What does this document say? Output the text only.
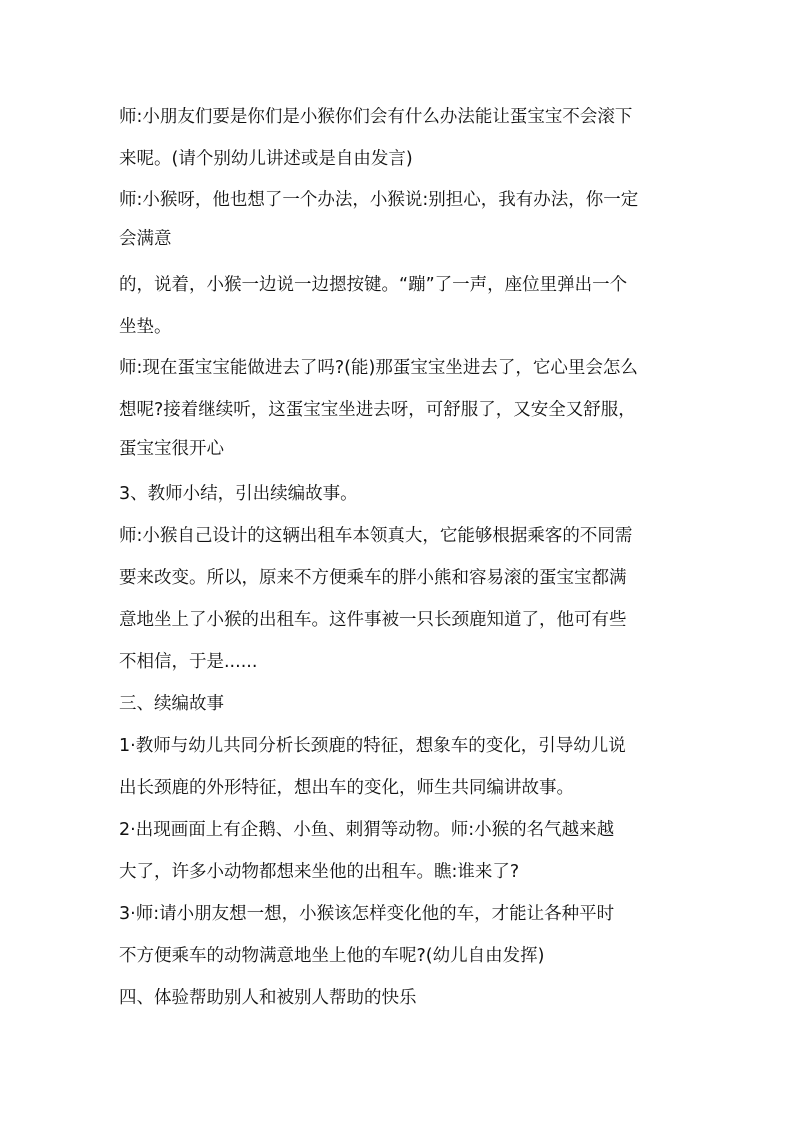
师:小朋友们要是你们是小猴你们会有什么办法能让蛋宝宝不会滚下
来呢。(请个别幼儿讲述或是自由发言)
师:小猴呀，他也想了一个办法，小猴说:别担心，我有办法，你一定
会满意
的，说着，小猴一边说一边摁按键。“蹦”了一声，座位里弹出一个
坐垫。
师:现在蛋宝宝能做进去了吗?(能)那蛋宝宝坐进去了，它心里会怎么
想呢?接着继续听，这蛋宝宝坐进去呀，可舒服了，又安全又舒服，
蛋宝宝很开心
3、教师小结，引出续编故事。
师:小猴自己设计的这辆出租车本领真大，它能够根据乘客的不同需
要来改变。所以，原来不方便乘车的胖小熊和容易滚的蛋宝宝都满
意地坐上了小猴的出租车。这件事被一只长颈鹿知道了，他可有些
不相信，于是......
三、续编故事
1·教师与幼儿共同分析长颈鹿的特征，想象车的变化，引导幼儿说
出长颈鹿的外形特征，想出车的变化，师生共同编讲故事。
2·出现画面上有企鹅、小鱼、刺猬等动物。师:小猴的名气越来越
大了，许多小动物都想来坐他的出租车。瞧:谁来了?
3·师:请小朋友想一想，小猴该怎样变化他的车，才能让各种平时
不方便乘车的动物满意地坐上他的车呢?(幼儿自由发挥)
四、体验帮助别人和被别人帮助的快乐
